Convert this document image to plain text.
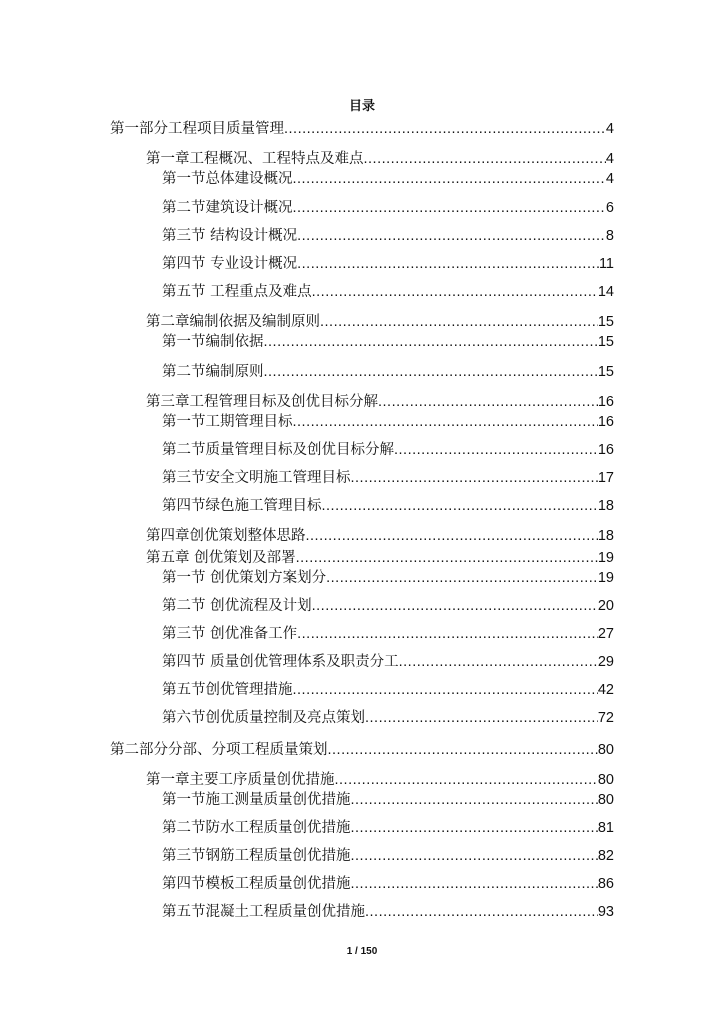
目录
第一部分工程项目质量管理 .....	4
第一章工程概况、工程特点及难点 .....	4
第一节总体建设概况 .....	4
第二节建筑设计概况 .....	6
第三节 结构设计概况 .....	8
第四节 专业设计概况 .....	11
第五节 工程重点及难点 .....	14
第二章编制依据及编制原则 .....	15
第一节编制依据 .....	15
第二节编制原则 .....	15
第三章工程管理目标及创优目标分解 .....	16
第一节工期管理目标 .....	16
第二节质量管理目标及创优目标分解 .....	16
第三节安全文明施工管理目标 .....	17
第四节绿色施工管理目标 .....	18
第四章创优策划整体思路 .....	18
第五章 创优策划及部署 .....	19
第一节 创优策划方案划分 .....	19
第二节 创优流程及计划 .....	20
第三节 创优准备工作 .....	27
第四节 质量创优管理体系及职责分工 .....	29
第五节创优管理措施 .....	42
第六节创优质量控制及亮点策划 .....	72
第二部分分部、分项工程质量策划 .....	80
第一章主要工序质量创优措施 .....	80
第一节施工测量质量创优措施 .....	80
第二节防水工程质量创优措施 .....	81
第三节钢筋工程质量创优措施 .....	82
第四节模板工程质量创优措施 .....	86
第五节混凝土工程质量创优措施 .....	93
1 / 150
